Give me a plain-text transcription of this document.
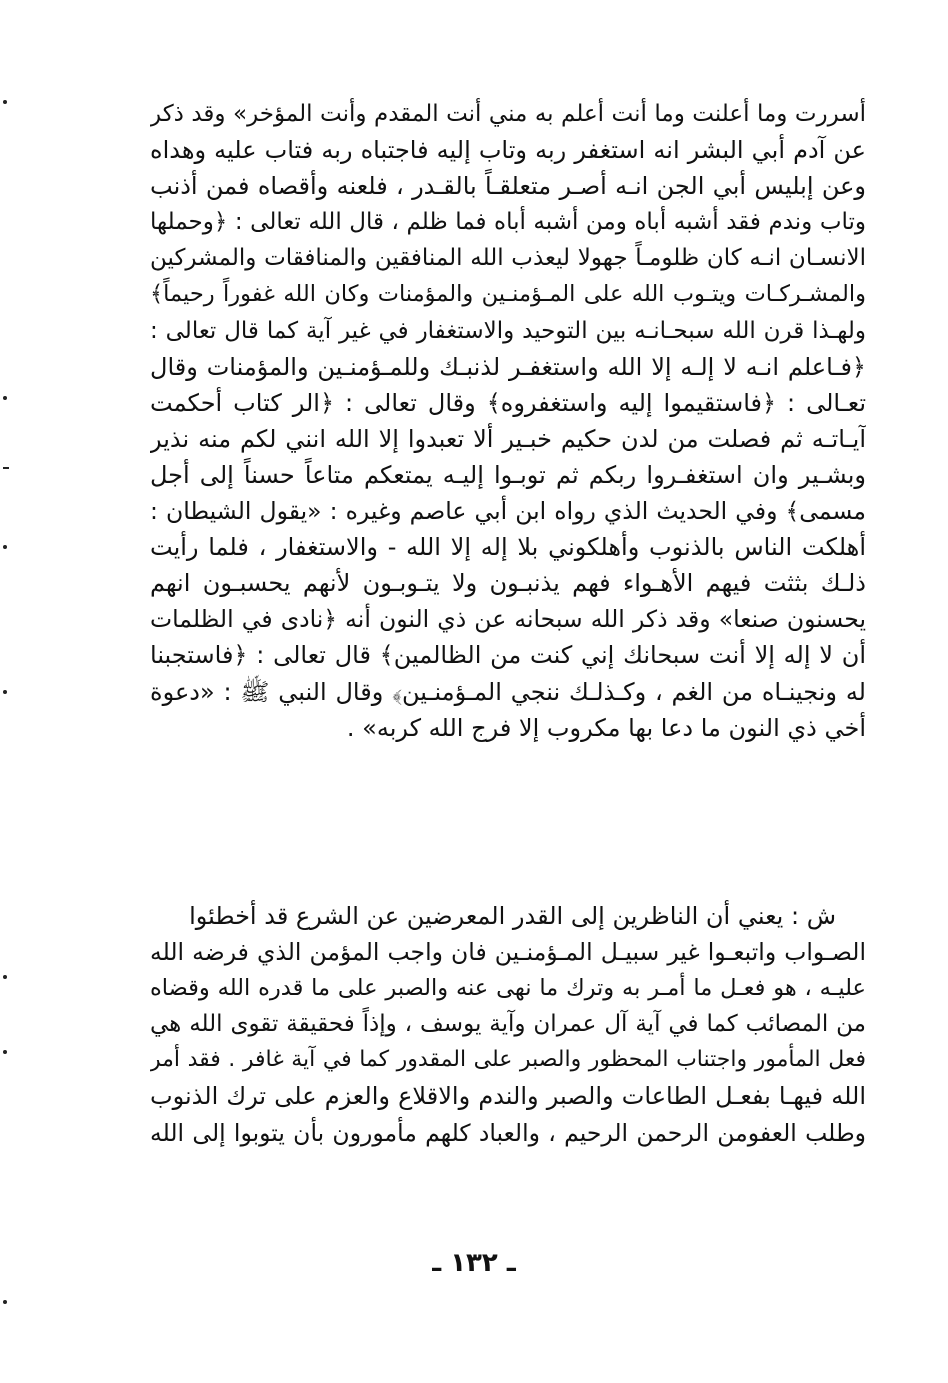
أسررت وما أعلنت وما أنت أعلم به مني أنت المقدم وأنت المؤخر» وقد ذكر
عن آدم أبي البشر انه استغفر ربه وتاب إليه فاجتباه ربه فتاب عليه وهداه
وعن إبليس أبي الجن انـه أصـر متعلقـاً بالقـدر ، فلعنه وأقصاه فمن أذنب
وتاب وندم فقد أشبه أباه ومن أشبه أباه فما ظلم ، قال الله تعالى : ﴿وحملها
الانسـان انـه كان ظلومـاً جهولا ليعذب الله المنافقين والمنافقات والمشركين
والمشـركـات ويتـوب الله على المـؤمنـين والمؤمنات وكان الله غفوراً رحيماً﴾
ولهـذا قرن الله سبحـانـه بين التوحيد والاستغفار في غير آية كما قال تعالى :
﴿فـاعلم انـه لا إلـه إلا الله واستغفـر لذنبـك وللمـؤمنـين والمؤمنات وقال
تعـالى : ﴿فاستقيموا إليه واستغفروه﴾ وقال تعالى : ﴿الر كتاب أحكمت
آيـاتـه ثم فصلت من لدن حكيم خبـير ألا تعبدوا إلا الله انني لكم منه نذير
وبشـير وان استغفـروا ربكم ثم توبـوا إليـه يمتعكم متاعاً حسناً إلى أجل
مسمى﴾ وفي الحديث الذي رواه ابن أبي عاصم وغيره : «يقول الشيطان :
أهلكت الناس بالذنوب وأهلكوني بلا إله إلا الله - والاستغفار ، فلما رأيت
ذلـك بثثت فيهم الأهـواء فهم يذنبـون ولا يتـوبـون لأنهم يحسبـون انهم
يحسنون صنعا» وقد ذكر الله سبحانه عن ذي النون أنه ﴿نادى في الظلمات
أن لا إله إلا أنت سبحانك إني كنت من الظالمين﴾ قال تعالى : ﴿فاستجبنا
له ونجينـاه من الغم ، وكـذلـك ننجي المـؤمنـين﴾ وقال النبي ﷺ : «دعوة
أخي ذي النون ما دعا بها مكروب إلا فرج الله كربه» .
ش : يعني أن الناظرين إلى القدر المعرضين عن الشرع قد أخطئوا
الصـواب واتبعـوا غير سبيـل المـؤمنـين فان واجب المؤمن الذي فرضه الله
عليـه ، هو فعـل ما أمـر به وترك ما نهى عنه والصبر على ما قدره الله وقضاه
من المصائب كما في آية آل عمران وآية يوسف ، وإذاً فحقيقة تقوى الله هي
فعل المأمور واجتناب المحظور والصبر على المقدور كما في آية غافر . فقد أمر
الله فيهـا بفعـل الطاعات والصبر والندم والاقلاع والعزم على ترك الذنوب
وطلب العفومن الرحمن الرحيم ، والعباد كلهم مأمورون بأن يتوبوا إلى الله
ـ ١٣٢ ـ
